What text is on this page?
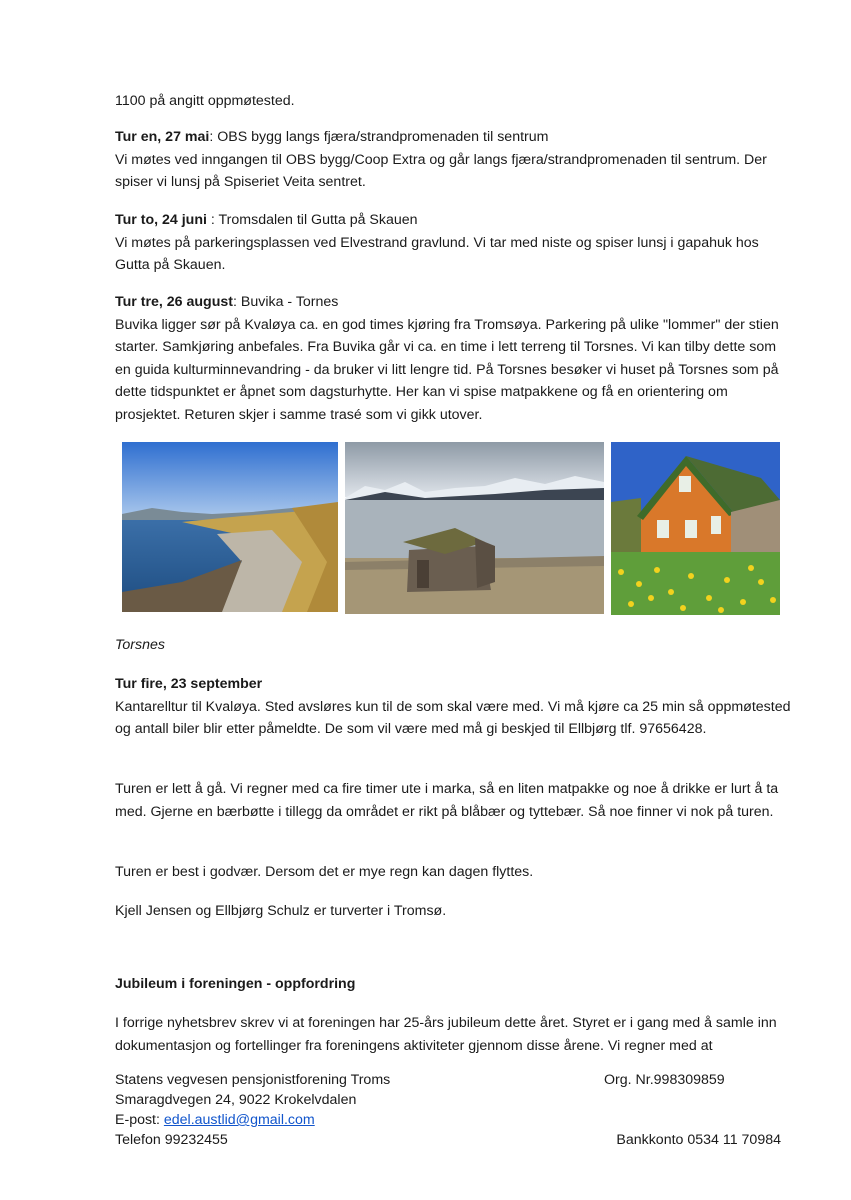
1100 på angitt oppmøtested.

Tur en, 27 mai: OBS bygg langs fjæra/strandpromenaden til sentrum

Vi møtes ved inngangen til OBS bygg/Coop Extra og går langs fjæra/strandpromenaden til sentrum. Der spiser vi lunsj på Spiseriet Veita sentret.

Tur to, 24 juni : Tromsdalen til Gutta på Skauen

Vi møtes på parkeringsplassen ved Elvestrand gravlund. Vi tar med niste og spiser lunsj i gapahuk hos Gutta på Skauen.

Tur tre, 26 august: Buvika - Tornes

Buvika ligger sør på Kvaløya ca. en god times kjøring fra Tromsøya. Parkering på ulike "lommer" der stien starter. Samkjøring anbefales. Fra Buvika går vi ca. en time i lett terreng til Torsnes. Vi kan tilby dette som en guida kulturminnevandring - da bruker vi litt lengre tid. På Torsnes besøker vi huset på Torsnes som på dette tidspunktet er åpnet som dagsturhytte. Her kan vi spise matpakkene og få en orientering om prosjektet. Returen skjer i samme trasé som vi gikk utover.

Torsnes

Tur fire, 23 september

Kantarelltur til Kvaløya. Sted avsløres kun til de som skal være med. Vi må kjøre ca 25 min så oppmøtested og antall biler blir etter påmeldte. De som vil være med må gi beskjed til Ellbjørg tlf. 97656428.

Turen er lett å gå. Vi regner med ca fire timer ute i marka, så en liten matpakke og noe å drikke er lurt å ta med. Gjerne en bærbøtte i tillegg da området er rikt på blåbær og tyttebær. Så noe finner vi nok på turen.

Turen er best i godvær. Dersom det er mye regn kan dagen flyttes.

Kjell Jensen og Ellbjørg Schulz er turverter i Tromsø.

Jubileum i foreningen - oppfordring

I forrige nyhetsbrev skrev vi at foreningen har 25-års jubileum dette året. Styret er i gang med å samle inn dokumentasjon og fortellinger fra foreningens aktiviteter gjennom disse årene. Vi regner med at

Statens vegvesen pensjonistforening Troms
Smaragdvegen 24, 9022 Krokelvdalen
E-post: edel.austlid@gmail.com
Telefon 99232455
Org. Nr.998309859
Bankkonto 0534 11 70984
